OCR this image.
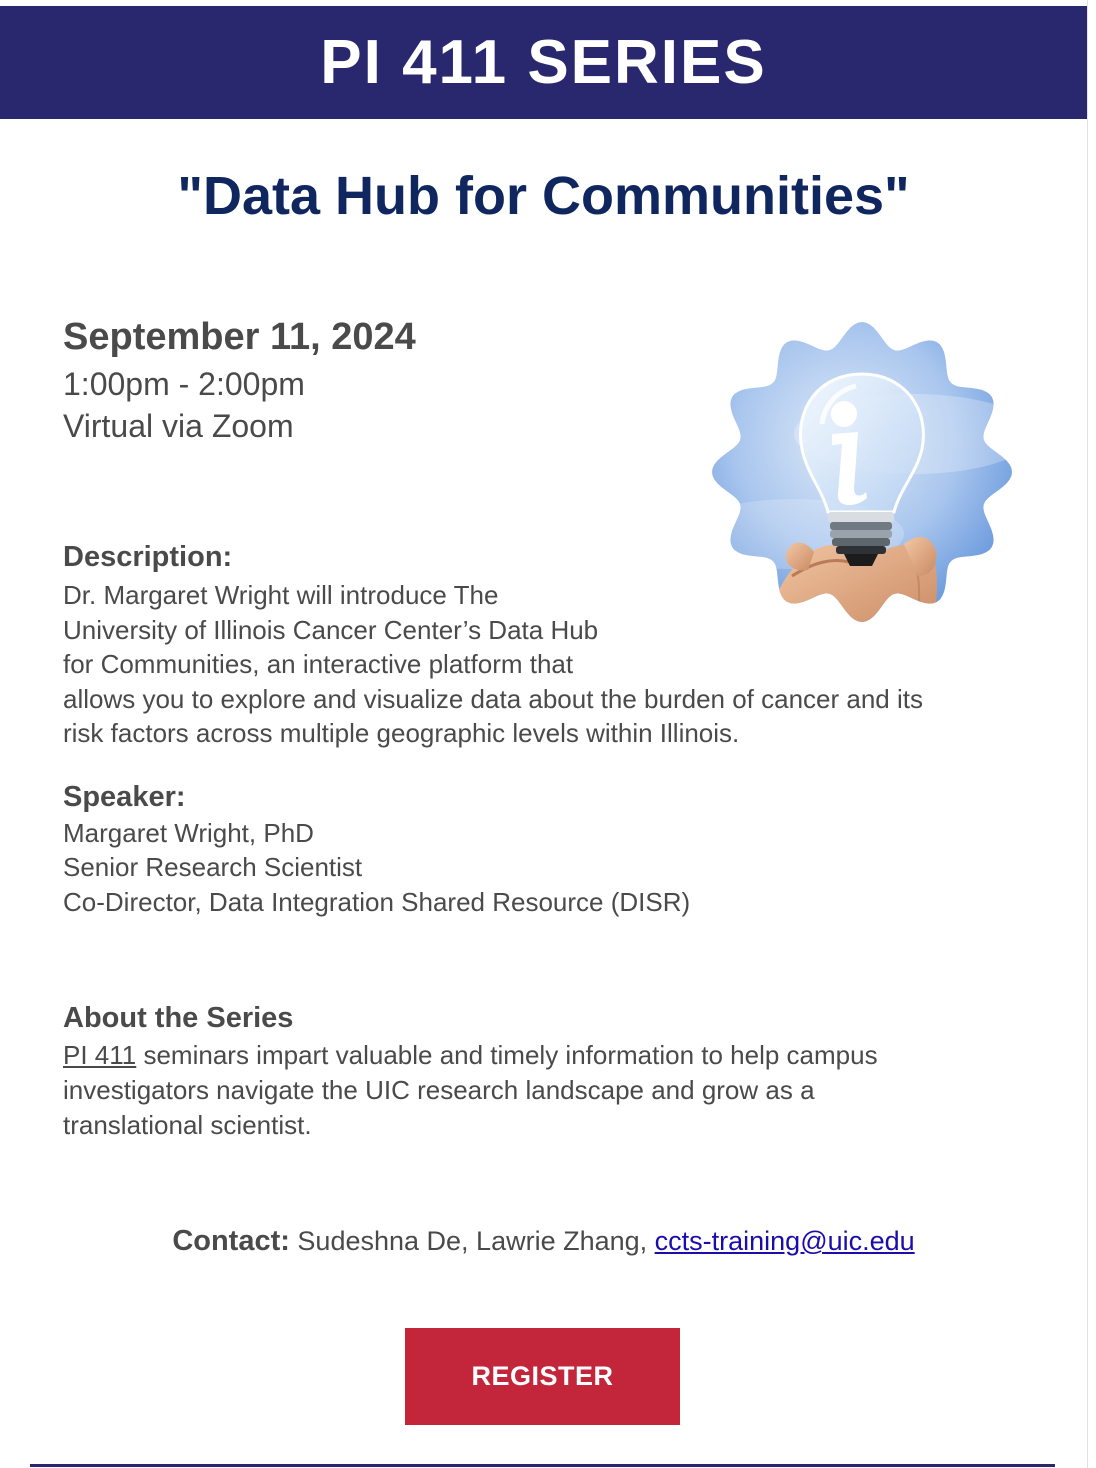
PI 411 SERIES
"Data Hub for Communities"
September 11, 2024
1:00pm - 2:00pm
Virtual via Zoom
Description:
Dr. Margaret Wright will introduce The
University of Illinois Cancer Center’s Data Hub
for Communities, an interactive platform that
allows you to explore and visualize data about the burden of cancer and its
risk factors across multiple geographic levels within Illinois.
Speaker:
Margaret Wright, PhD
Senior Research Scientist
Co-Director, Data Integration Shared Resource (DISR)
About the Series
PI 411 seminars impart valuable and timely information to help campus
investigators navigate the UIC research landscape and grow as a
translational scientist.
Contact: Sudeshna De, Lawrie Zhang, ccts-training@uic.edu
REGISTER
